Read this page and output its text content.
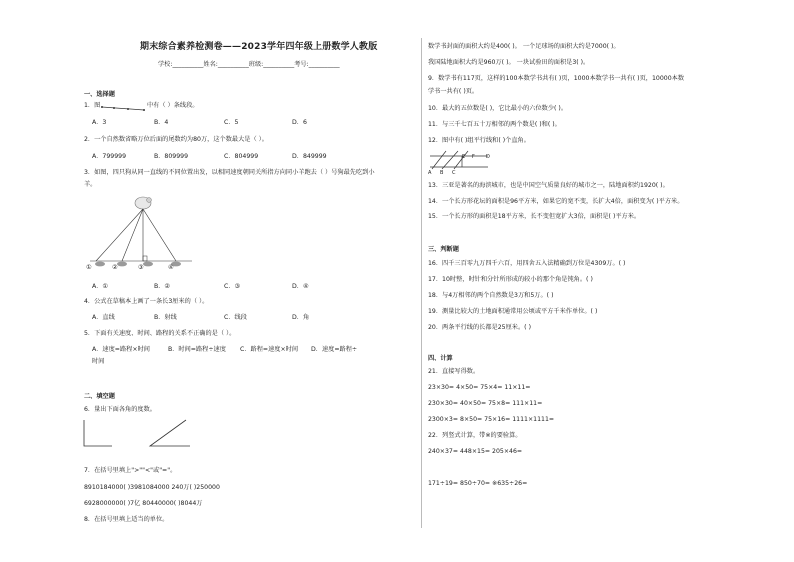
期末综合素养检测卷——2023学年四年级上册数学人教版
学校:__________姓名:__________班级:__________考号:__________
一、选择题
1．图	中有（ ）条线段。
A．3	B．4	C．5	D．6
2．一个自然数省略万位后面的尾数约为80万，这个数最大是（ ）。
A．799999	B．809999	C．804999	D．849999
3．如图，四只狗从同一直线的不同位置出发，以相同速度朝同关所指方向同小羊跑去（ ）号狗最先吃到小
羊。
①	②	③	④
A．①	B．②	C．③	D．④
4．公式在草稿本上画了一条长3厘米的（ ）。
A．直线	B．射线	C．线段	D．角
5．下面有关速度、时间、路程的关系不正确的是（ ）。
A．速度=路程×时间	B．时间=路程÷速度 C．路程=速度×时间 D．速度=路程÷
时间
二、填空题
6．量出下面各角的度数。
7．在括号里填上">""<"或"="。
8910184000( )3981084000 240万( )250000
6928000000( )7亿 80440000( )8044万
8．在括号里填上适当的单位。
数学书封面的面积大约是400( )。 一个足球场的面积大约是7000( )。
我国陆地面积大约是960万( )。 一块试验田的面积是3( )。
9．数学书有117页，这样的100本数学书共有( )页，1000本数学书一共有( )页，10000本数
学书一共有( )页。
10．最大的五位数是( )，它比最小的六位数少( )。
11．与三千七百五十万相邻的两个数是( )和( )。
12．图中有( )组平行线和( )个直角。
A B C
D
E F
13．三亚是著名的海滨城市，也是中国空气质量良好的城市之一，陆地面积约1920( )。
14．一个长方形花坛的面积是96平方米，如果它的宽不变，长扩大4倍，面积变为( )平方米。
15．一个长方形的面积是18平方米，长不变但宽扩大3倍，面积是( )平方米。
三、判断题
16．四千三百零九万四千六百，用四舍五入法精确到万位是4309万。( )
17．10时整，时针和分针所形成的较小的那个角是钝角。( )
18．与4万相邻的两个自然数是3万和5万。( )
19．测量比较大的土地面积通常用公顷或平方千米作单位。( )
20．两条平行线的长都是25厘米。( )
四、计算
21．直接写得数。
23×30= 4×50= 75×4= 11×11=
230×30= 40×50= 75×8= 111×11=
2300×3= 8×50= 75×16= 1111×1111=
22．列竖式计算，带※的要验算。
240×37= 448×15= 205×46=
171÷19= 850÷70= ※635÷26=
